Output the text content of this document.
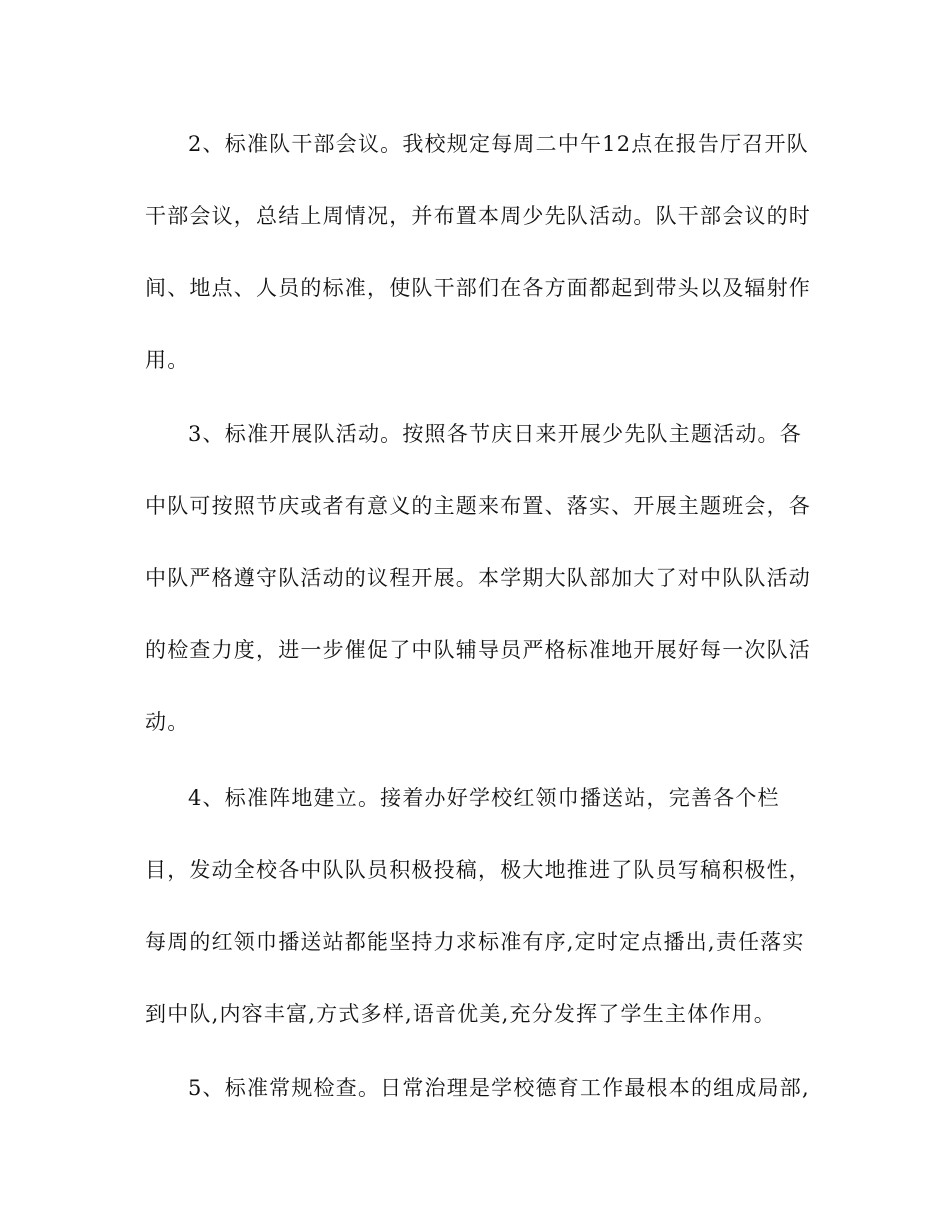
2、标准队干部会议。我校规定每周二中午12点在报告厅召开队
干部会议，总结上周情况，并布置本周少先队活动。队干部会议的时
间、地点、人员的标准，使队干部们在各方面都起到带头以及辐射作
用。
3、标准开展队活动。按照各节庆日来开展少先队主题活动。各
中队可按照节庆或者有意义的主题来布置、落实、开展主题班会，各
中队严格遵守队活动的议程开展。本学期大队部加大了对中队队活动
的检查力度，进一步催促了中队辅导员严格标准地开展好每一次队活
动。
4、标准阵地建立。接着办好学校红领巾播送站，完善各个栏
目，发动全校各中队队员积极投稿，极大地推进了队员写稿积极性，
每周的红领巾播送站都能坚持力求标准有序,定时定点播出,责任落实
到中队,内容丰富,方式多样,语音优美,充分发挥了学生主体作用。
5、标准常规检查。日常治理是学校德育工作最根本的组成局部,
